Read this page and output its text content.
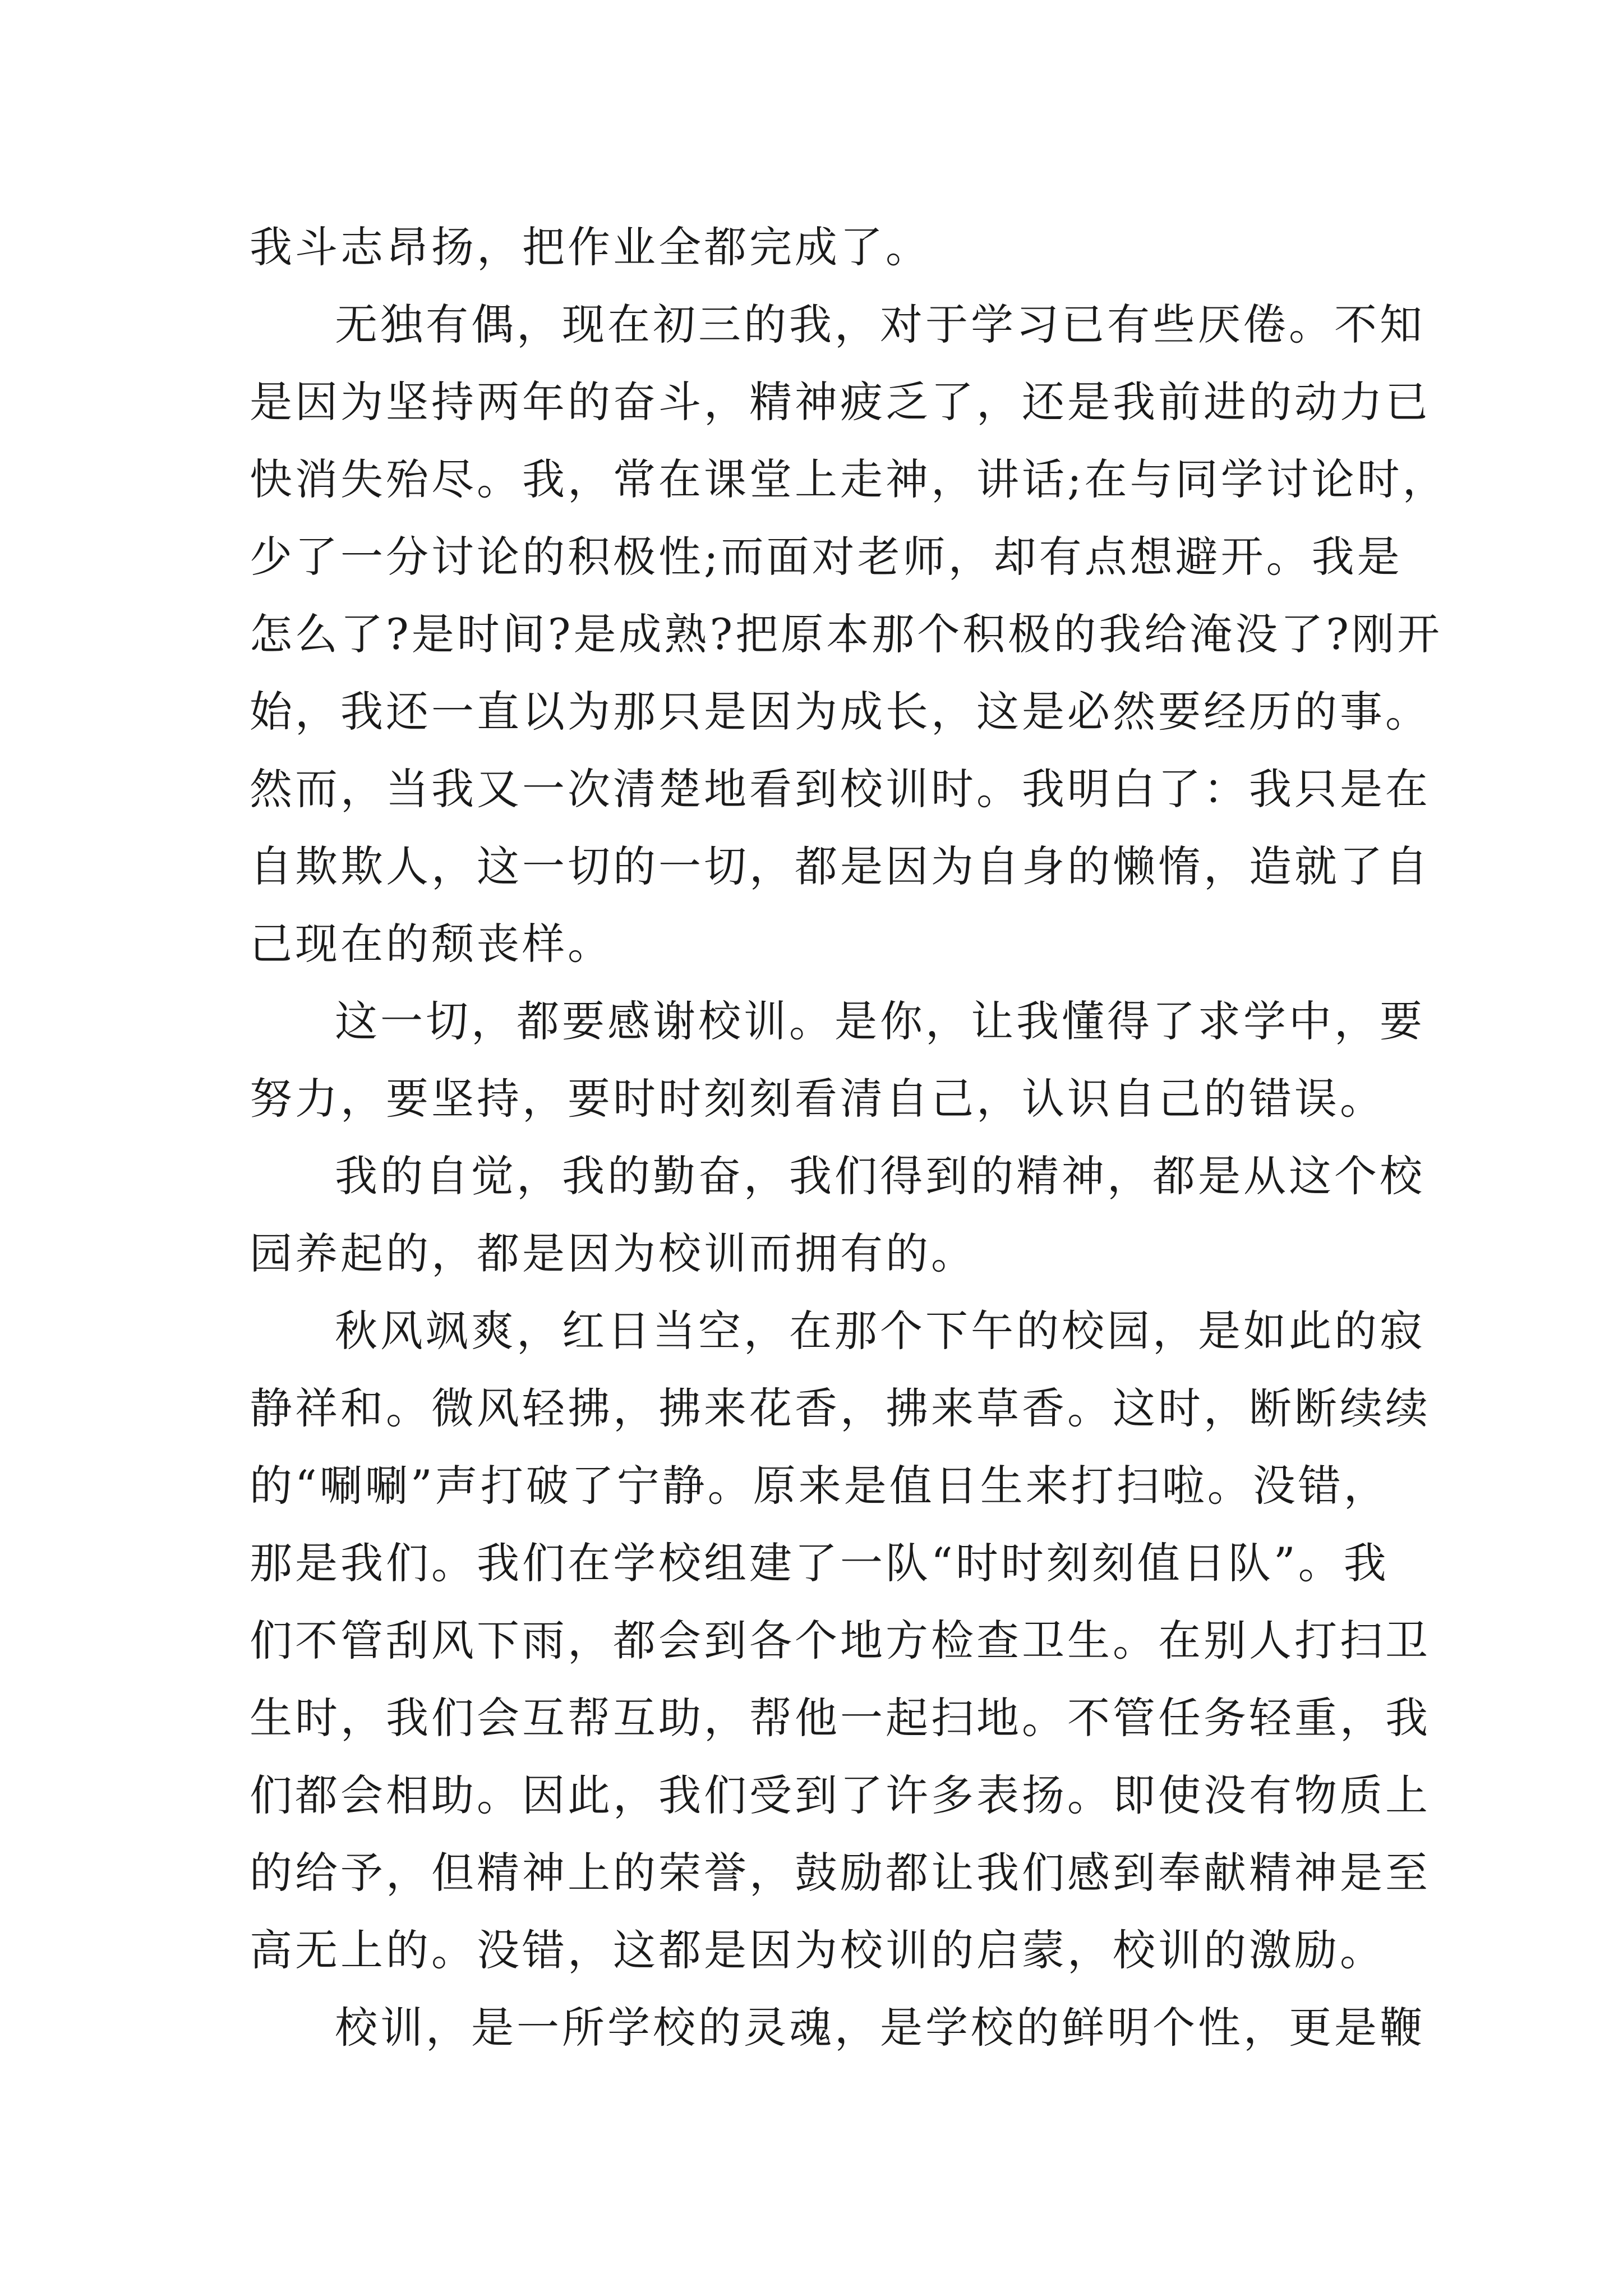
我斗志昂扬，把作业全都完成了。
无独有偶，现在初三的我，对于学习已有些厌倦。不知
是因为坚持两年的奋斗，精神疲乏了，还是我前进的动力已
快消失殆尽。我，常在课堂上走神，讲话;在与同学讨论时，
少了一分讨论的积极性;而面对老师，却有点想避开。我是
怎么了?是时间?是成熟?把原本那个积极的我给淹没了?刚开
始，我还一直以为那只是因为成长，这是必然要经历的事。
然而，当我又一次清楚地看到校训时。我明白了：我只是在
自欺欺人，这一切的一切，都是因为自身的懒惰，造就了自
己现在的颓丧样。
这一切，都要感谢校训。是你，让我懂得了求学中，要
努力，要坚持，要时时刻刻看清自己，认识自己的错误。
我的自觉，我的勤奋，我们得到的精神，都是从这个校
园养起的，都是因为校训而拥有的。
秋风飒爽，红日当空，在那个下午的校园，是如此的寂
静祥和。微风轻拂，拂来花香，拂来草香。这时，断断续续
的“唰唰”声打破了宁静。原来是值日生来打扫啦。没错，
那是我们。我们在学校组建了一队“时时刻刻值日队”。我
们不管刮风下雨，都会到各个地方检查卫生。在别人打扫卫
生时，我们会互帮互助，帮他一起扫地。不管任务轻重，我
们都会相助。因此，我们受到了许多表扬。即使没有物质上
的给予，但精神上的荣誉，鼓励都让我们感到奉献精神是至
高无上的。没错，这都是因为校训的启蒙，校训的激励。
校训，是一所学校的灵魂，是学校的鲜明个性，更是鞭
